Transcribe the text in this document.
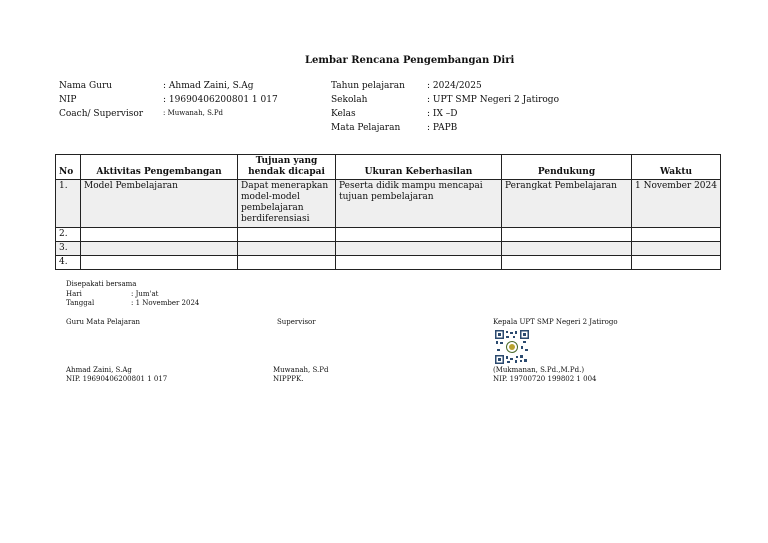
Lembar Rencana Pengembangan Diri
Nama Guru	: Ahmad Zaini, S.Ag
NIP	: 19690406200801 1 017
Coach/ Supervisor	: Muwanah, S.Pd
Tahun pelajaran : 2024/2025
Sekolah	: UPT SMP Negeri 2 Jatirogo
Kelas	: IX –D
Mata Pelajaran	: PAPB
No	Aktivitas Pengembangan	Tujuan yang hendak dicapai	Ukuran Keberhasilan	Pendukung	Waktu
1.	Model Pembelajaran	Dapat menerapkan model-model pembelajaran berdiferensiasi	Peserta didik mampu mencapai tujuan pembelajaran	Perangkat Pembelajaran	1 November 2024
2.					
3.					
4.					
Disepakati bersama
Hari	: Jum'at
Tanggal	: 1 November 2024
Guru Mata Pelajaran	Supervisor	Kepala UPT SMP Negeri 2 Jatirogo
Ahmad Zaini, S.Ag
NIP. 19690406200801 1 017
Muwanah, S.Pd
NIPPPK.
(Mukmanan, S.Pd.,M.Pd.)
NIP. 19700720 199802 1 004
